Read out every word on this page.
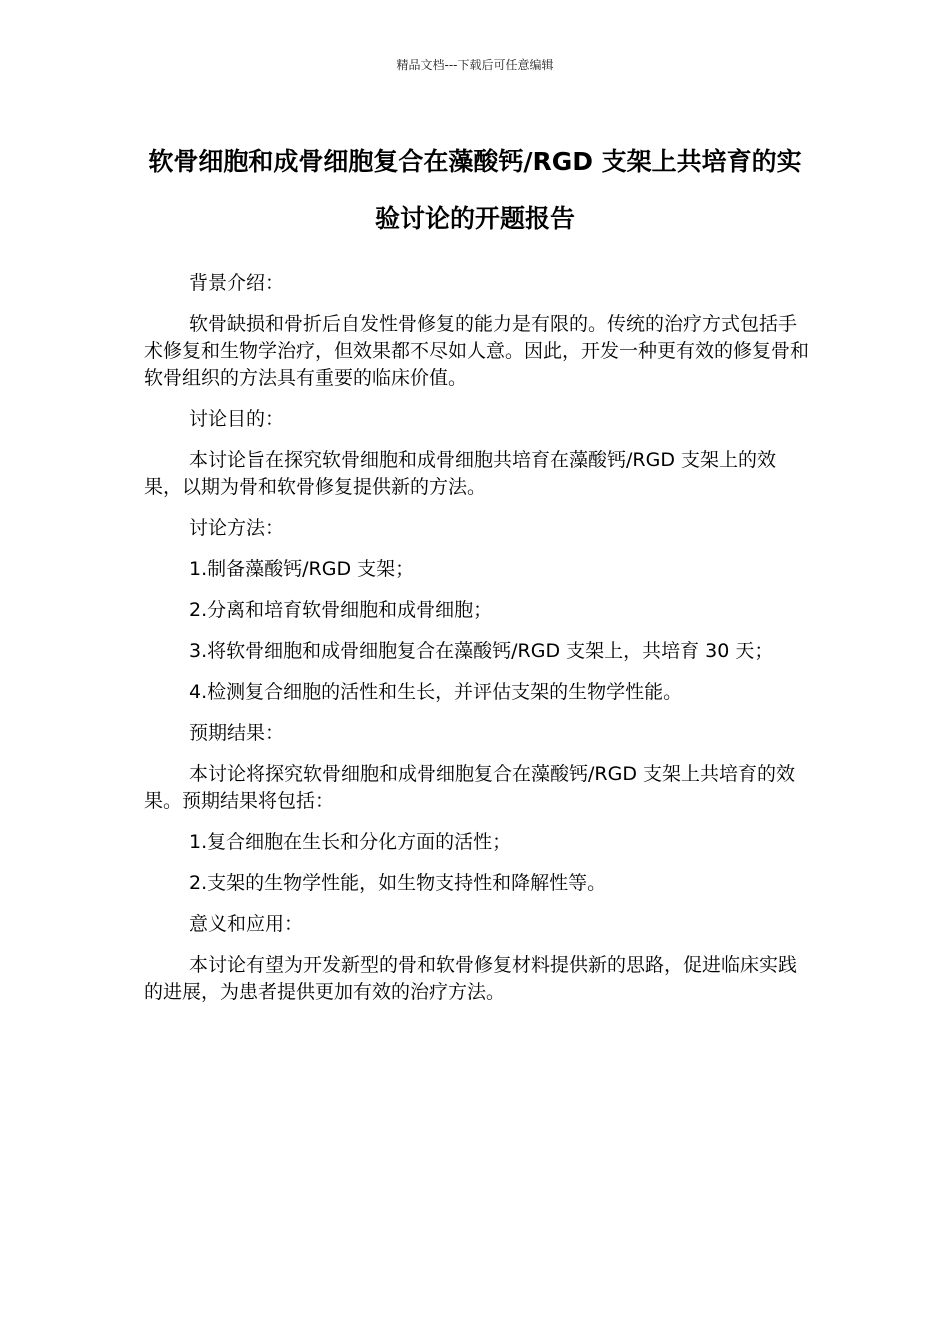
精品文档---下载后可任意编辑
软骨细胞和成骨细胞复合在藻酸钙/RGD 支架上共培育的实验讨论的开题报告

背景介绍：

软骨缺损和骨折后自发性骨修复的能力是有限的。传统的治疗方式包括手术修复和生物学治疗，但效果都不尽如人意。因此，开发一种更有效的修复骨和软骨组织的方法具有重要的临床价值。

讨论目的：

本讨论旨在探究软骨细胞和成骨细胞共培育在藻酸钙/RGD 支架上的效果，以期为骨和软骨修复提供新的方法。

讨论方法：

1.制备藻酸钙/RGD 支架；

2.分离和培育软骨细胞和成骨细胞；

3.将软骨细胞和成骨细胞复合在藻酸钙/RGD 支架上，共培育 30 天；

4.检测复合细胞的活性和生长，并评估支架的生物学性能。

预期结果：

本讨论将探究软骨细胞和成骨细胞复合在藻酸钙/RGD 支架上共培育的效果。预期结果将包括：

1.复合细胞在生长和分化方面的活性；

2.支架的生物学性能，如生物支持性和降解性等。

意义和应用：

本讨论有望为开发新型的骨和软骨修复材料提供新的思路，促进临床实践的进展，为患者提供更加有效的治疗方法。
